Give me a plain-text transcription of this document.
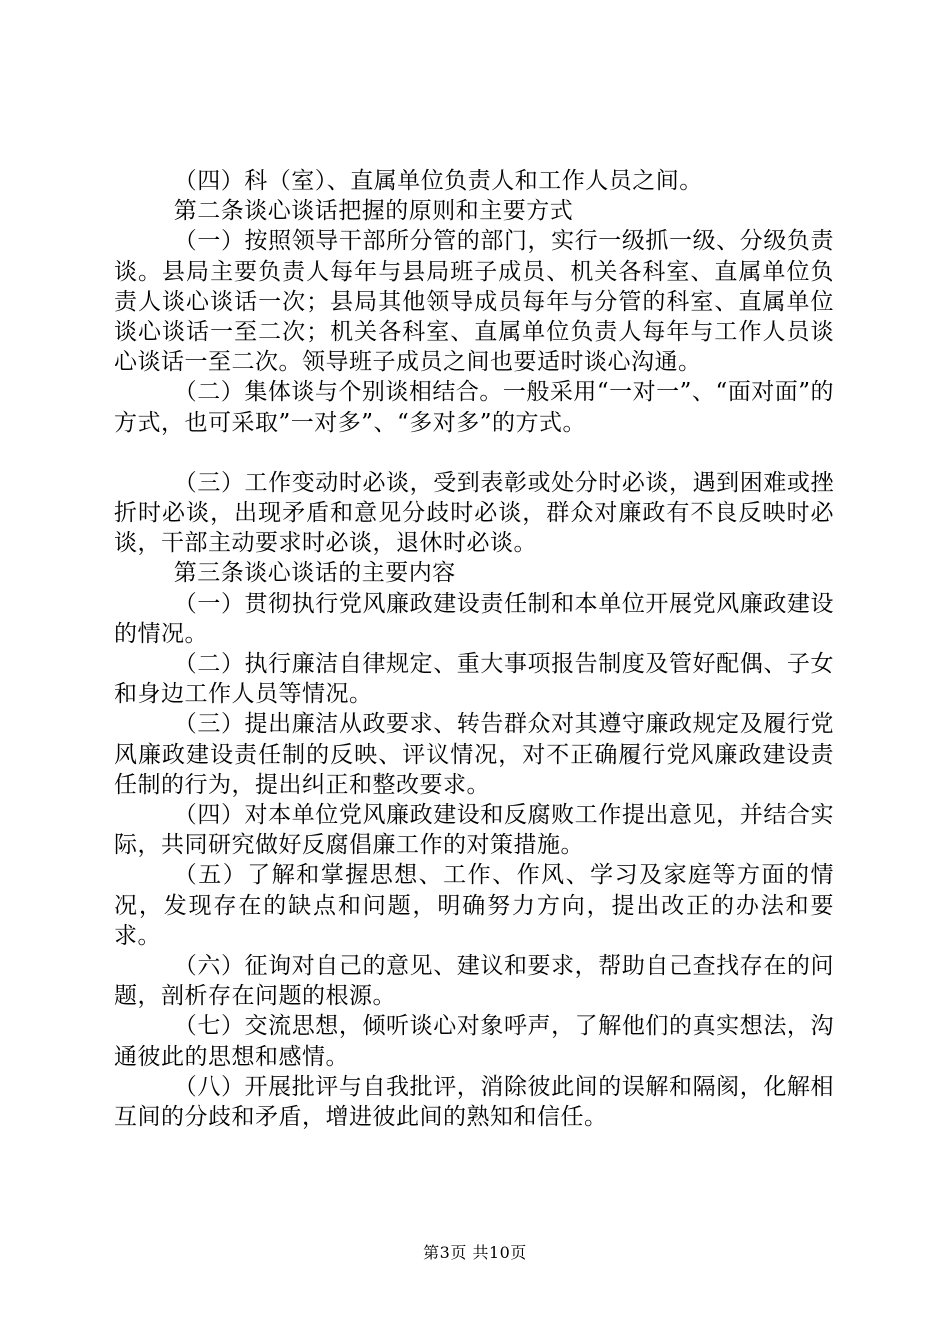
（四）科（室）、直属单位负责人和工作人员之间。

第二条谈心谈话把握的原则和主要方式

（一）按照领导干部所分管的部门，实行一级抓一级、分级负责谈。县局主要负责人每年与县局班子成员、机关各科室、直属单位负责人谈心谈话一次；县局其他领导成员每年与分管的科室、直属单位谈心谈话一至二次；机关各科室、直属单位负责人每年与工作人员谈心谈话一至二次。领导班子成员之间也要适时谈心沟通。

（二）集体谈与个别谈相结合。一般采用“一对一”、“面对面”的方式，也可采取”一对多”、“多对多”的方式。

（三）工作变动时必谈，受到表彰或处分时必谈，遇到困难或挫折时必谈，出现矛盾和意见分歧时必谈，群众对廉政有不良反映时必谈，干部主动要求时必谈，退休时必谈。

第三条谈心谈话的主要内容

（一）贯彻执行党风廉政建设责任制和本单位开展党风廉政建设的情况。

（二）执行廉洁自律规定、重大事项报告制度及管好配偶、子女和身边工作人员等情况。

（三）提出廉洁从政要求、转告群众对其遵守廉政规定及履行党风廉政建设责任制的反映、评议情况，对不正确履行党风廉政建设责任制的行为，提出纠正和整改要求。

（四）对本单位党风廉政建设和反腐败工作提出意见，并结合实际，共同研究做好反腐倡廉工作的对策措施。

（五）了解和掌握思想、工作、作风、学习及家庭等方面的情况，发现存在的缺点和问题，明确努力方向，提出改正的办法和要求。

（六）征询对自己的意见、建议和要求，帮助自己查找存在的问题，剖析存在问题的根源。

（七）交流思想，倾听谈心对象呼声，了解他们的真实想法，沟通彼此的思想和感情。

（八）开展批评与自我批评，消除彼此间的误解和隔阂，化解相互间的分歧和矛盾，增进彼此间的熟知和信任。

第3页 共10页
